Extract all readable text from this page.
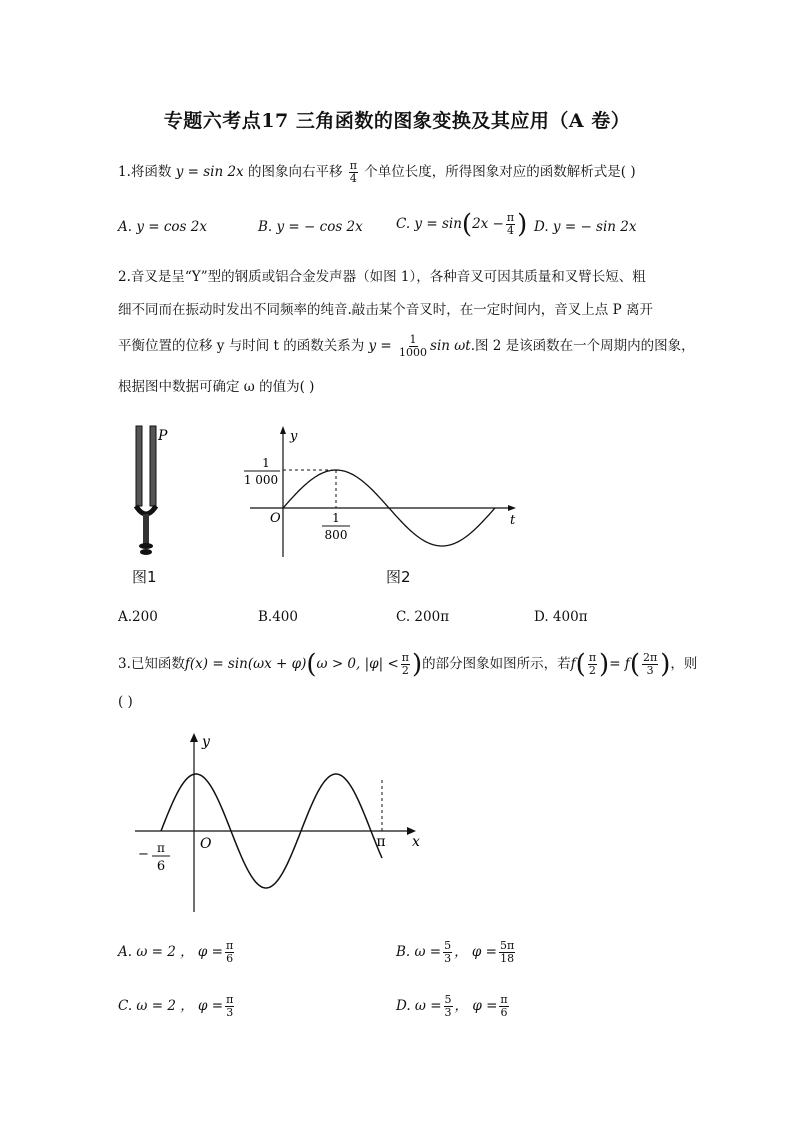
专题六考点17 三角函数的图象变换及其应用（A 卷）
1.将函数 y = sin 2x 的图象向右平移 $\frac{\pi}{4}$ 个单位长度，所得图象对应的函数解析式是( )
A. y = cos 2x	B. y = − cos 2x C. $y = \sin(2x - \frac{\pi}{4}$ ) D. y = − sin 2x
2.音叉是呈“Y”型的钢质或铝合金发声器（如图 1），各种音叉可因其质量和叉臂长短、粗
细不同而在振动时发出不同频率的纯音.敲击某个音叉时，在一定时间内，音叉上点 P 离开
平衡位置的位移 y 与时间 t 的函数关系为 $y = \frac{1}{1000}$ sin ωt.图 2 是该函数在一个周期内的图象，
根据图中数据可确定 ω 的值为( )
P
图1
y
t
O
1
1 000
1
800
图2
A.200	B.400	C. 200π	D. 400π
3.已知函数f(x) = sin(ωx + φ)(ω > 0, $|\varphi| < \frac{\pi}{2}$ )的部分图象如图所示，若$f( \frac{\pi}{2}$ )= $f( \frac{2\pi}{3}$ )，则
( )
y
x
O
− π
6
π
A. ω = 2 ， $\varphi = \frac{\pi}{6}$	B. $\omega = \frac{5}{3}$ ， $\varphi = \frac{5\pi}{18}$
C. ω = 2 ， $\varphi = \frac{\pi}{3}$	D. $\omega = \frac{5}{3}$ ， $\varphi = \frac{\pi}{6}$
